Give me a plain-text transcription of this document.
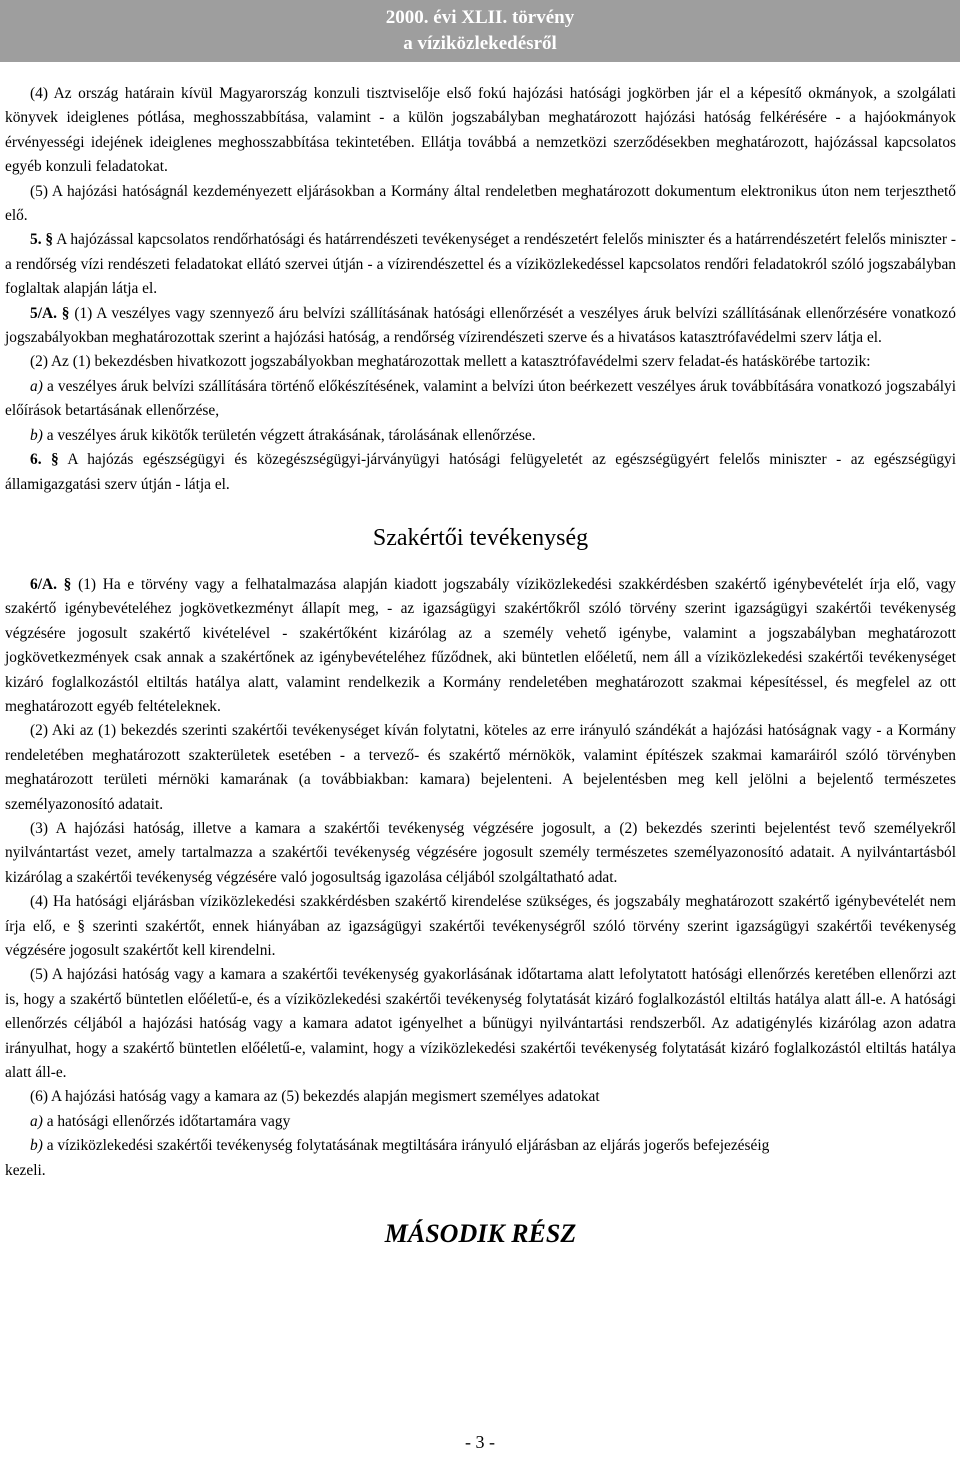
2000. évi XLII. törvény
a víziközlekedésről

(4) Az ország határain kívül Magyarország konzuli tisztviselője első fokú hajózási hatósági jogkörben jár el a képesítő okmányok, a szolgálati könyvek ideiglenes pótlása, meghosszabbítása, valamint - a külön jogszabályban meghatározott hajózási hatóság felkérésére - a hajóokmányok érvényességi idejének ideiglenes meghosszabbítása tekintetében. Ellátja továbbá a nemzetközi szerződésekben meghatározott, hajózással kapcsolatos egyéb konzuli feladatokat.

(5) A hajózási hatóságnál kezdeményezett eljárásokban a Kormány által rendeletben meghatározott dokumentum elektronikus úton nem terjeszthető elő.

5. § A hajózással kapcsolatos rendőrhatósági és határrendészeti tevékenységet a rendészetért felelős miniszter és a határrendészetért felelős miniszter - a rendőrség vízi rendészeti feladatokat ellátó szervei útján - a vízirendészettel és a víziközlekedéssel kapcsolatos rendőri feladatokról szóló jogszabályban foglaltak alapján látja el.

5/A. § (1) A veszélyes vagy szennyező áru belvízi szállításának hatósági ellenőrzését a veszélyes áruk belvízi szállításának ellenőrzésére vonatkozó jogszabályokban meghatározottak szerint a hajózási hatóság, a rendőrség vízirendészeti szerve és a hivatásos katasztrófavédelmi szerv látja el.

(2) Az (1) bekezdésben hivatkozott jogszabályokban meghatározottak mellett a katasztrófavédelmi szerv feladat-és hatáskörébe tartozik:

a) a veszélyes áruk belvízi szállítására történő előkészítésének, valamint a belvízi úton beérkezett veszélyes áruk továbbítására vonatkozó jogszabályi előírások betartásának ellenőrzése,

b) a veszélyes áruk kikötők területén végzett átrakásának, tárolásának ellenőrzése.

6. § A hajózás egészségügyi és közegészségügyi-járványügyi hatósági felügyeletét az egészségügyért felelős miniszter - az egészségügyi államigazgatási szerv útján - látja el.

Szakértői tevékenység

6/A. § (1) Ha e törvény vagy a felhatalmazása alapján kiadott jogszabály víziközlekedési szakkérdésben szakértő igénybevételét írja elő, vagy szakértő igénybevételéhez jogkövetkezményt állapít meg, - az igazságügyi szakértőkről szóló törvény szerint igazságügyi szakértői tevékenység végzésére jogosult szakértő kivételével - szakértőként kizárólag az a személy vehető igénybe, valamint a jogszabályban meghatározott jogkövetkezmények csak annak a szakértőnek az igénybevételéhez fűződnek, aki büntetlen előéletű, nem áll a víziközlekedési szakértői tevékenységet kizáró foglalkozástól eltiltás hatálya alatt, valamint rendelkezik a Kormány rendeletében meghatározott szakmai képesítéssel, és megfelel az ott meghatározott egyéb feltételeknek.

(2) Aki az (1) bekezdés szerinti szakértői tevékenységet kíván folytatni, köteles az erre irányuló szándékát a hajózási hatóságnak vagy - a Kormány rendeletében meghatározott szakterületek esetében - a tervező- és szakértő mérnökök, valamint építészek szakmai kamaráiról szóló törvényben meghatározott területi mérnöki kamarának (a továbbiakban: kamara) bejelenteni. A bejelentésben meg kell jelölni a bejelentő természetes személyazonosító adatait.

(3) A hajózási hatóság, illetve a kamara a szakértői tevékenység végzésére jogosult, a (2) bekezdés szerinti bejelentést tevő személyekről nyilvántartást vezet, amely tartalmazza a szakértői tevékenység végzésére jogosult személy természetes személyazonosító adatait. A nyilvántartásból kizárólag a szakértői tevékenység végzésére való jogosultság igazolása céljából szolgáltatható adat.

(4) Ha hatósági eljárásban víziközlekedési szakkérdésben szakértő kirendelése szükséges, és jogszabály meghatározott szakértő igénybevételét nem írja elő, e § szerinti szakértőt, ennek hiányában az igazságügyi szakértői tevékenységről szóló törvény szerint igazságügyi szakértői tevékenység végzésére jogosult szakértőt kell kirendelni.

(5) A hajózási hatóság vagy a kamara a szakértői tevékenység gyakorlásának időtartama alatt lefolytatott hatósági ellenőrzés keretében ellenőrzi azt is, hogy a szakértő büntetlen előéletű-e, és a víziközlekedési szakértői tevékenység folytatását kizáró foglalkozástól eltiltás hatálya alatt áll-e. A hatósági ellenőrzés céljából a hajózási hatóság vagy a kamara adatot igényelhet a bűnügyi nyilvántartási rendszerből. Az adatigénylés kizárólag azon adatra irányulhat, hogy a szakértő büntetlen előéletű-e, valamint, hogy a víziközlekedési szakértői tevékenység folytatását kizáró foglalkozástól eltiltás hatálya alatt áll-e.

(6) A hajózási hatóság vagy a kamara az (5) bekezdés alapján megismert személyes adatokat

a) a hatósági ellenőrzés időtartamára vagy

b) a víziközlekedési szakértői tevékenység folytatásának megtiltására irányuló eljárásban az eljárás jogerős befejezéséig

kezeli.

MÁSODIK RÉSZ

- 3 -
